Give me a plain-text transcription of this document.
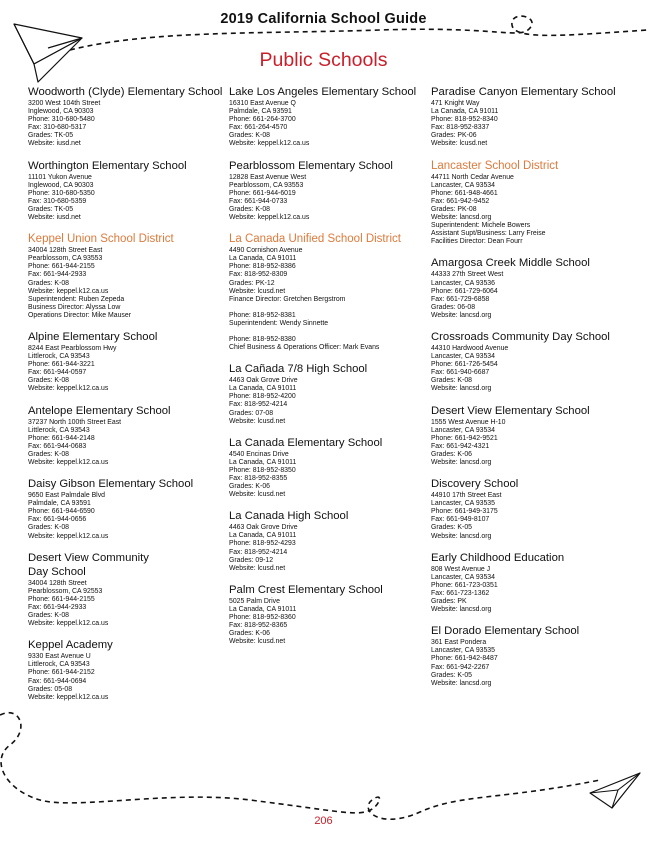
2019 California School Guide
Public Schools
Woodworth (Clyde) Elementary School
3200 West 104th Street
Inglewood, CA 90303
Phone: 310-680-5480
Fax: 310-680-5317
Grades: TK-05
Website: iusd.net
Worthington Elementary School
11101 Yukon Avenue
Inglewood, CA 90303
Phone: 310-680-5350
Fax: 310-680-5359
Grades: TK-05
Website: iusd.net
Keppel Union School District
34004 128th Street East
Pearblossom, CA 93553
Phone: 661-944-2155
Fax: 661-944-2933
Grades: K-08
Website: keppel.k12.ca.us
Superintendent: Ruben Zepeda
Business Director: Alyssa Low
Operations Director: Mike Mauser
Alpine Elementary School
8244 East Pearblossom Hwy
Littlerock, CA 93543
Phone: 661-944-3221
Fax: 661-944-0597
Grades: K-08
Website: keppel.k12.ca.us
Antelope Elementary School
37237 North 100th Street East
Littlerock, CA 93543
Phone: 661-944-2148
Fax: 661-944-0683
Grades: K-08
Website: keppel.k12.ca.us
Daisy Gibson Elementary School
9650 East Palmdale Blvd
Palmdale, CA 93591
Phone: 661-944-6590
Fax: 661-944-0656
Grades: K-08
Website: keppel.k12.ca.us
Desert View Community
Day School
34004 128th Street
Pearblossom, CA 92553
Phone: 661-944-2155
Fax: 661-944-2933
Grades: K-08
Website: keppel.k12.ca.us
Keppel Academy
9330 East Avenue U
Littlerock, CA 93543
Phone: 661-944-2152
Fax: 661-944-0694
Grades: 05-08
Website: keppel.k12.ca.us
Lake Los Angeles Elementary School
16310 East Avenue Q
Palmdale, CA 93591
Phone: 661-264-3700
Fax: 661-264-4570
Grades: K-08
Website: keppel.k12.ca.us
Pearblossom Elementary School
12828 East Avenue West
Pearblossom, CA 93553
Phone: 661-944-6019
Fax: 661-944-0733
Grades: K-08
Website: keppel.k12.ca.us
La Canada Unified School District
4490 Cornishon Avenue
La Canada, CA 91011
Phone: 818-952-8386
Fax: 818-952-8309
Grades: PK-12
Website: lcusd.net
Finance Director: Gretchen Bergstrom
Phone: 818-952-8381
Superintendent: Wendy Sinnette
Phone: 818-952-8380
Chief Business & Operations Officer: Mark Evans
La Cañada 7/8 High School
4463 Oak Grove Drive
La Canada, CA 91011
Phone: 818-952-4200
Fax: 818-952-4214
Grades: 07-08
Website: lcusd.net
La Canada Elementary School
4540 Encinas Drive
La Canada, CA 91011
Phone: 818-952-8350
Fax: 818-952-8355
Grades: K-06
Website: lcusd.net
La Canada High School
4463 Oak Grove Drive
La Canada, CA 91011
Phone: 818-952-4293
Fax: 818-952-4214
Grades: 09-12
Website: lcusd.net
Palm Crest Elementary School
5025 Palm Drive
La Canada, CA 91011
Phone: 818-952-8360
Fax: 818-952-8365
Grades: K-06
Website: lcusd.net
Paradise Canyon Elementary School
471 Knight Way
La Canada, CA 91011
Phone: 818-952-8340
Fax: 818-952-8337
Grades: PK-06
Website: lcusd.net
Lancaster School District
44711 North Cedar Avenue
Lancaster, CA 93534
Phone: 661-948-4661
Fax: 661-942-9452
Grades: PK-08
Website: lancsd.org
Superintendent: Michele Bowers
Assistant Supt/Business: Larry Freise
Facilities Director: Dean Fourr
Amargosa Creek Middle School
44333 27th Street West
Lancaster, CA 93536
Phone: 661-729-6064
Fax: 661-729-6858
Grades: 06-08
Website: lancsd.org
Crossroads Community Day School
44310 Hardwood Avenue
Lancaster, CA 93534
Phone: 661-726-5454
Fax: 661-940-6687
Grades: K-08
Website: lancsd.org
Desert View Elementary School
1555 West Avenue H-10
Lancaster, CA 93534
Phone: 661-942-9521
Fax: 661-942-4321
Grades: K-06
Website: lancsd.org
Discovery School
44910 17th Street East
Lancaster, CA 93535
Phone: 661-949-3175
Fax: 661-949-8107
Grades: K-05
Website: lancsd.org
Early Childhood Education
808 West Avenue J
Lancaster, CA 93534
Phone: 661-723-0351
Fax: 661-723-1362
Grades: PK
Website: lancsd.org
El Dorado Elementary School
361 East Pondera
Lancaster, CA 93535
Phone: 661-942-8487
Fax: 661-942-2267
Grades: K-05
Website: lancsd.org
206
